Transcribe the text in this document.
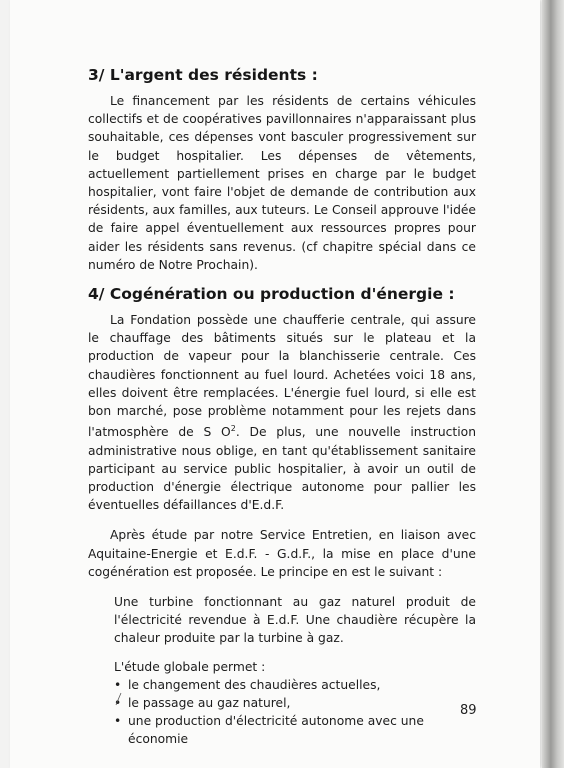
3/ L'argent des résidents :

Le financement par les résidents de certains véhicules collectifs et de coopératives pavillonnaires n'apparaissant plus souhaitable, ces dépenses vont basculer progressivement sur le budget hospitalier. Les dépenses de vêtements, actuellement partiellement prises en charge par le budget hospitalier, vont faire l'objet de demande de contribution aux résidents, aux familles, aux tuteurs. Le Conseil approuve l'idée de faire appel éventuellement aux ressources propres pour aider les résidents sans revenus. (cf chapitre spécial dans ce numéro de Notre Prochain).

4/ Cogénération ou production d'énergie :

La Fondation possède une chaufferie centrale, qui assure le chauffage des bâtiments situés sur le plateau et la production de vapeur pour la blanchisserie centrale. Ces chaudières fonctionnent au fuel lourd. Achetées voici 18 ans, elles doivent être remplacées. L'énergie fuel lourd, si elle est bon marché, pose problème notamment pour les rejets dans l'atmosphère de S $O^2$. De plus, une nouvelle instruction administrative nous oblige, en tant qu'établissement sanitaire participant au service public hospitalier, à avoir un outil de production d'énergie électrique autonome pour pallier les éventuelles défaillances d'E.d.F.

Après étude par notre Service Entretien, en liaison avec Aquitaine-Energie et E.d.F. - G.d.F., la mise en place d'une cogénération est proposée. Le principe en est le suivant :

Une turbine fonctionnant au gaz naturel produit de l'électricité revendue à E.d.F. Une chaudière récupère la chaleur produite par la turbine à gaz.

L'étude globale permet :

• le changement des chaudières actuelles,
• le passage au gaz naturel,
• une production d'électricité autonome avec une économie
89
